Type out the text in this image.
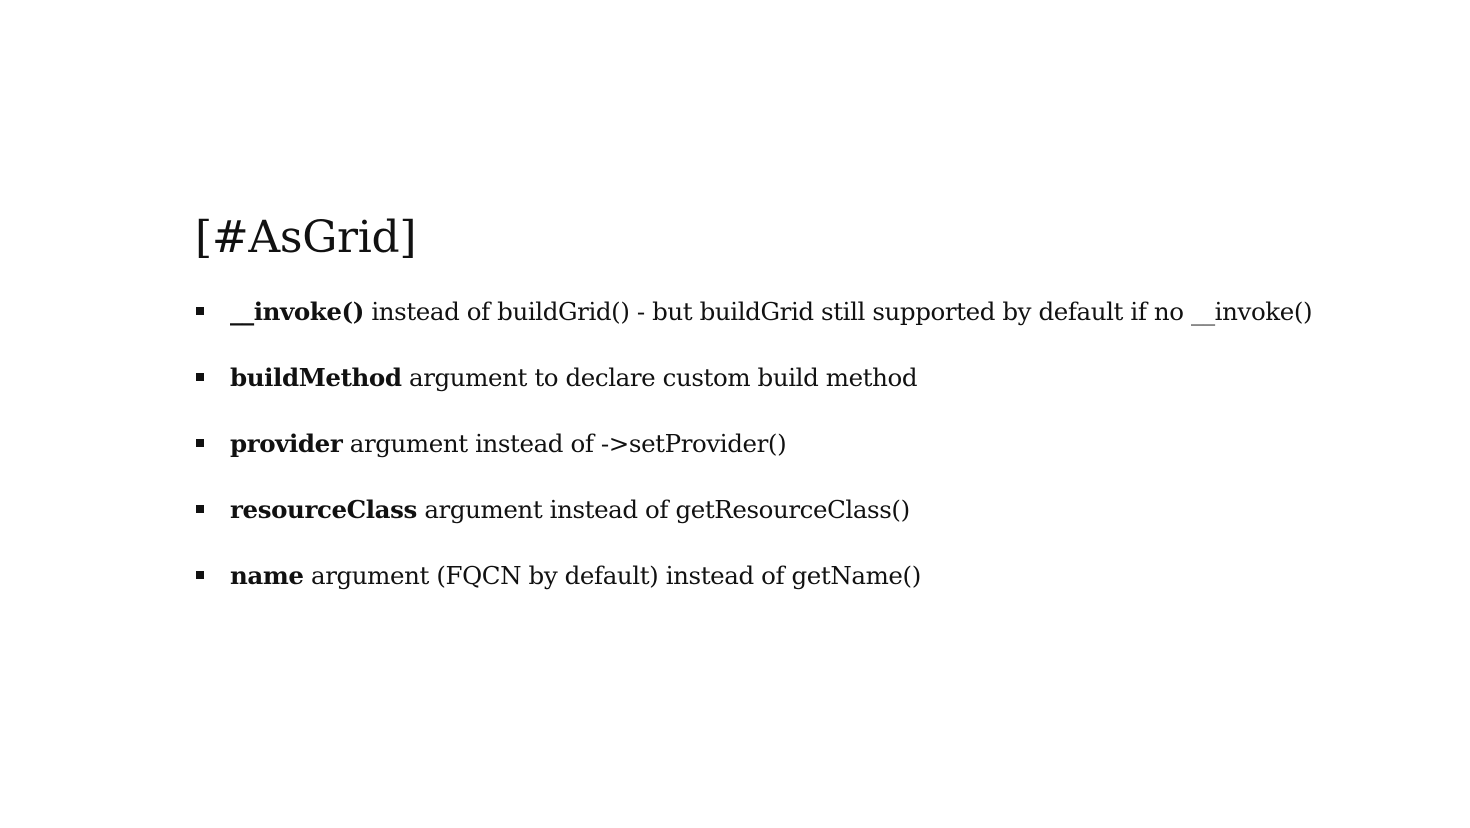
[#AsGrid]
__invoke() instead of buildGrid() - but buildGrid still supported by default if no __invoke()
buildMethod argument to declare custom build method
provider argument instead of ->setProvider()
resourceClass argument instead of getResourceClass()
name argument (FQCN by default) instead of getName()
